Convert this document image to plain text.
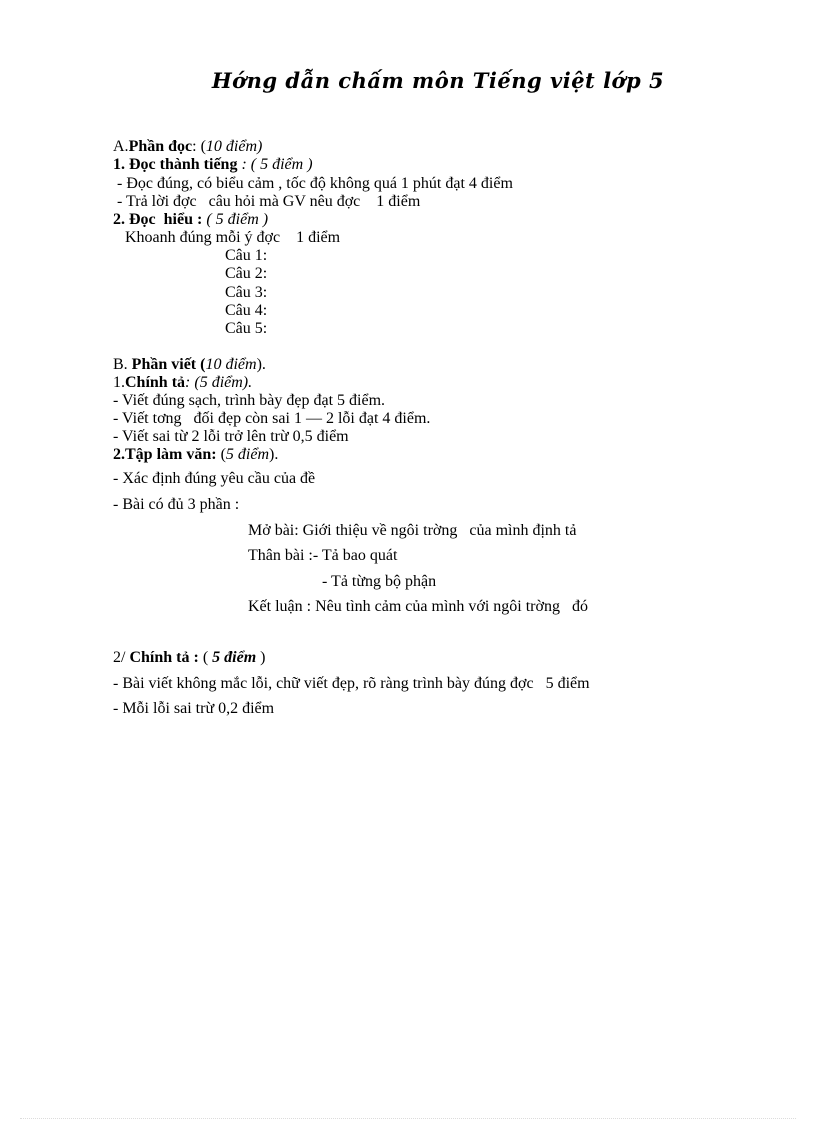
Hớng dẫn chấm môn Tiếng việt lớp 5
A.Phần đọc: (10 điểm)
1. Đọc thành tiếng : ( 5 điểm )
- Đọc đúng, có biểu cảm , tốc độ không quá 1 phút đạt 4 điểm
- Trả lời đợc   câu hỏi mà GV nêu đợc    1 điểm
2. Đọc  hiểu : ( 5 điểm )
Khoanh đúng mỗi ý đợc    1 điểm
Câu 1:
Câu 2:
Câu 3:
Câu 4:
Câu 5:
B. Phần viết (10 điểm).
1.Chính tả: (5 điểm).
- Viết đúng sạch, trình bày đẹp đạt 5 điểm.
- Viết tơng   đối đẹp còn sai 1 — 2 lỗi đạt 4 điểm.
- Viết sai từ 2 lỗi trở lên trừ 0,5 điểm
2.Tập làm văn: (5 điểm).
- Xác định đúng yêu cầu của đề
- Bài có đủ 3 phần :
Mở bài: Giới thiệu về ngôi trờng   của mình định tả
Thân bài :- Tả bao quát
- Tả từng bộ phận
Kết luận : Nêu tình cảm của mình với ngôi trờng   đó
2/ Chính tả : ( 5 điểm )
- Bài viết không mắc lỗi, chữ viết đẹp, rõ ràng trình bày đúng đợc   5 điểm
- Mỗi lỗi sai trừ 0,2 điểm
